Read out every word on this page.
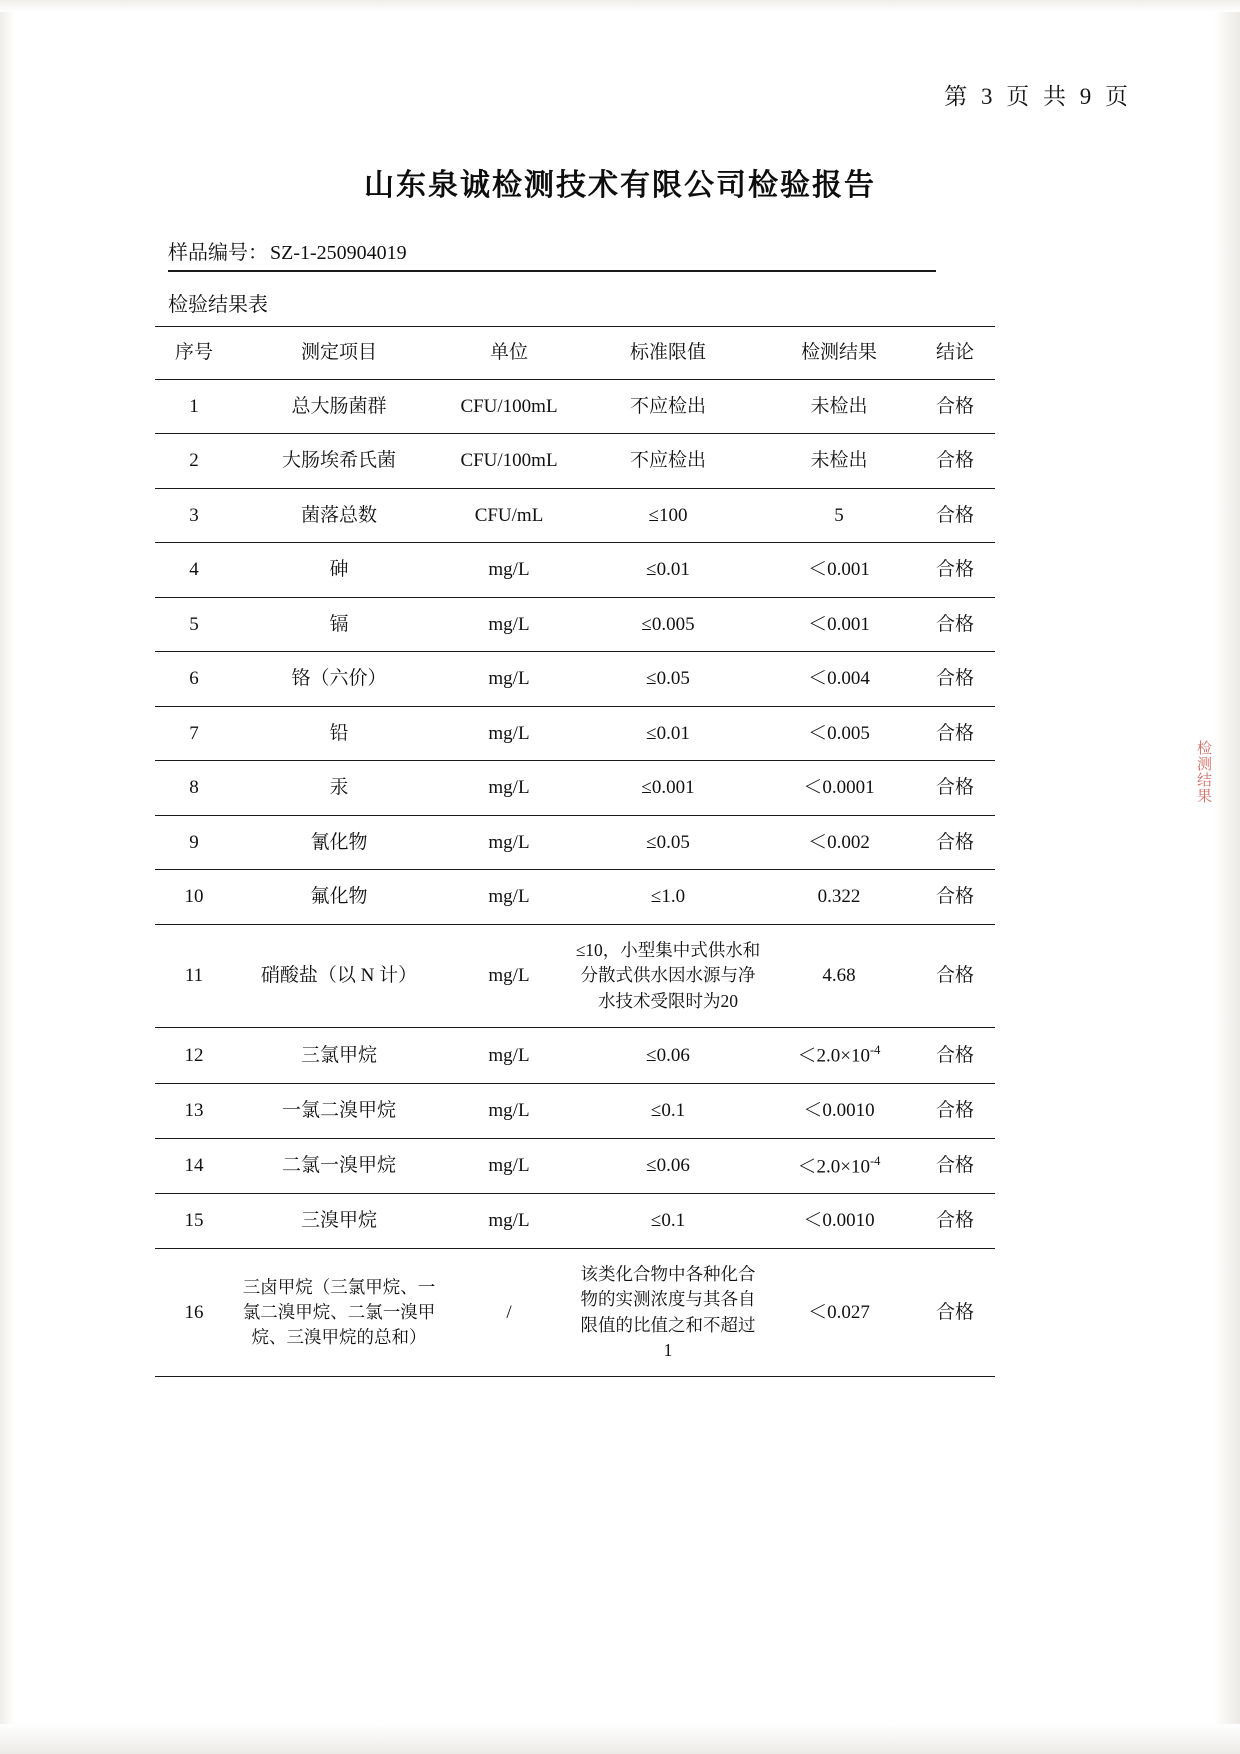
第 3 页 共 9 页
山东泉诚检测技术有限公司检验报告
样品编号： SZ-1-250904019
检验结果表
序号	测定项目	单位	标准限值	检测结果	结论
1	总大肠菌群	CFU/100mL	不应检出	未检出	合格
2	大肠埃希氏菌	CFU/100mL	不应检出	未检出	合格
3	菌落总数	CFU/mL	≤100	5	合格
4	砷	mg/L	≤0.01	＜0.001	合格
5	镉	mg/L	≤0.005	＜0.001	合格
6	铬（六价）	mg/L	≤0.05	＜0.004	合格
7	铅	mg/L	≤0.01	＜0.005	合格
8	汞	mg/L	≤0.001	＜0.0001	合格
9	氰化物	mg/L	≤0.05	＜0.002	合格
10	氟化物	mg/L	≤1.0	0.322	合格
11	硝酸盐（以 N 计）	mg/L	≤10，小型集中式供水和分散式供水因水源与净水技术受限时为20	4.68	合格
12	三氯甲烷	mg/L	≤0.06	$<2.0\times 10^{-4}$	合格
13	一氯二溴甲烷	mg/L	≤0.1	＜0.0010	合格
14	二氯一溴甲烷	mg/L	≤0.06	$<2.0\times 10^{-4}$	合格
15	三溴甲烷	mg/L	≤0.1	＜0.0010	合格
16	三卤甲烷（三氯甲烷、一氯二溴甲烷、二氯一溴甲烷、三溴甲烷的总和）	/	该类化合物中各种化合物的实测浓度与其各自限值的比值之和不超过 1	＜0.027	合格
检测结果
